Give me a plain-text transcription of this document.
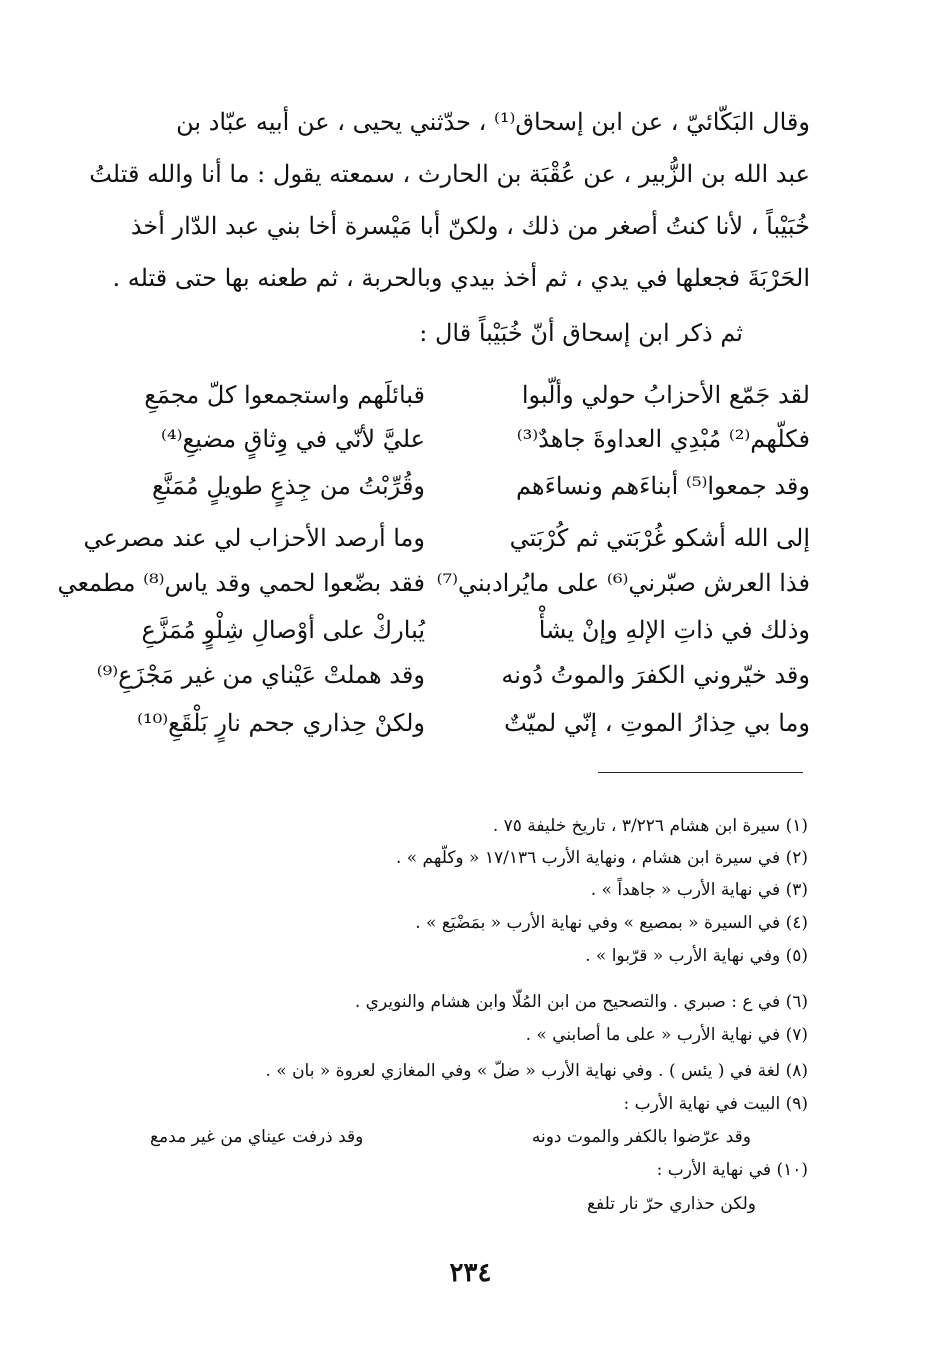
وقال البَكّائيّ ، عن ابن إسحاق⁽¹⁾ ، حدّثني يحيى ، عن أبيه عبّاد بن
عبد الله بن الزُّبير ، عن عُقْبَة بن الحارث ، سمعته يقول : ما أنا والله قتلتُ
خُبَيْباً ، لأنا كنتُ أصغر من ذلك ، ولكنّ أبا مَيْسرة أخا بني عبد الدّار أخذ
الحَرْبَةَ فجعلها في يدي ، ثم أخذ بيدي وبالحربة ، ثم طعنه بها حتى قتله .
ثم ذكر ابن إسحاق أنّ خُبَيْباً قال :
لقد جَمّع الأحزابُ حولي وألّبوا
قبائلَهم واستجمعوا كلّ مجمَعِ
فكلّهم⁽²⁾ مُبْدِي العداوةَ جاهدٌ⁽³⁾
عليَّ لأنّي في وِثاقٍ مضيعِ⁽⁴⁾
وقد جمعوا⁽⁵⁾ أبناءَهم ونساءَهم
وقُرِّبْتُ من جِذعٍ طويلٍ مُمَنَّعِ
إلى الله أشكو غُرْبَتي ثم كُرْبَتي
وما أرصد الأحزاب لي عند مصرعي
فذا العرش صبّرني⁽⁶⁾ على مايُرادبني⁽⁷⁾
فقد بضّعوا لحمي وقد ياس⁽⁸⁾ مطمعي
وذلك في ذاتِ الإلهِ وإنْ يشأْ
يُباركْ على أوْصالِ شِلْوٍ مُمَزَّعِ
وقد خيّروني الكفرَ والموتُ دُونه
وقد هملتْ عَيْناي من غير مَجْزَعِ⁽⁹⁾
وما بي حِذارُ الموتِ ، إنّي لميّتٌ
ولكنْ حِذاري جحم نارٍ بَلْقَعِ⁽¹⁰⁾
(١) سيرة ابن هشام ٣/٢٢٦ ، تاريخ خليفة ٧٥ .
(٢) في سيرة ابن هشام ، ونهاية الأرب ١٧/١٣٦ « وكلّهم » .
(٣) في نهاية الأرب « جاهداً » .
(٤) في السيرة « بمصيع » وفي نهاية الأرب « بمَضْيَع » .
(٥) وفي نهاية الأرب « قرّبوا » .
(٦) في ع : صبري . والتصحيح من ابن المُلّا وابن هشام والنويري .
(٧) في نهاية الأرب « على ما أصابني » .
(٨) لغة في ( يئس ) . وفي نهاية الأرب « ضلّ » وفي المغازي لعروة « بان » .
(٩) البيت في نهاية الأرب :
وقد عرّضوا بالكفر والموت دونه
وقد ذرفت عيناي من غير مدمع
(١٠) في نهاية الأرب :
ولكن حذاري حرّ نار تلفع
٢٣٤
